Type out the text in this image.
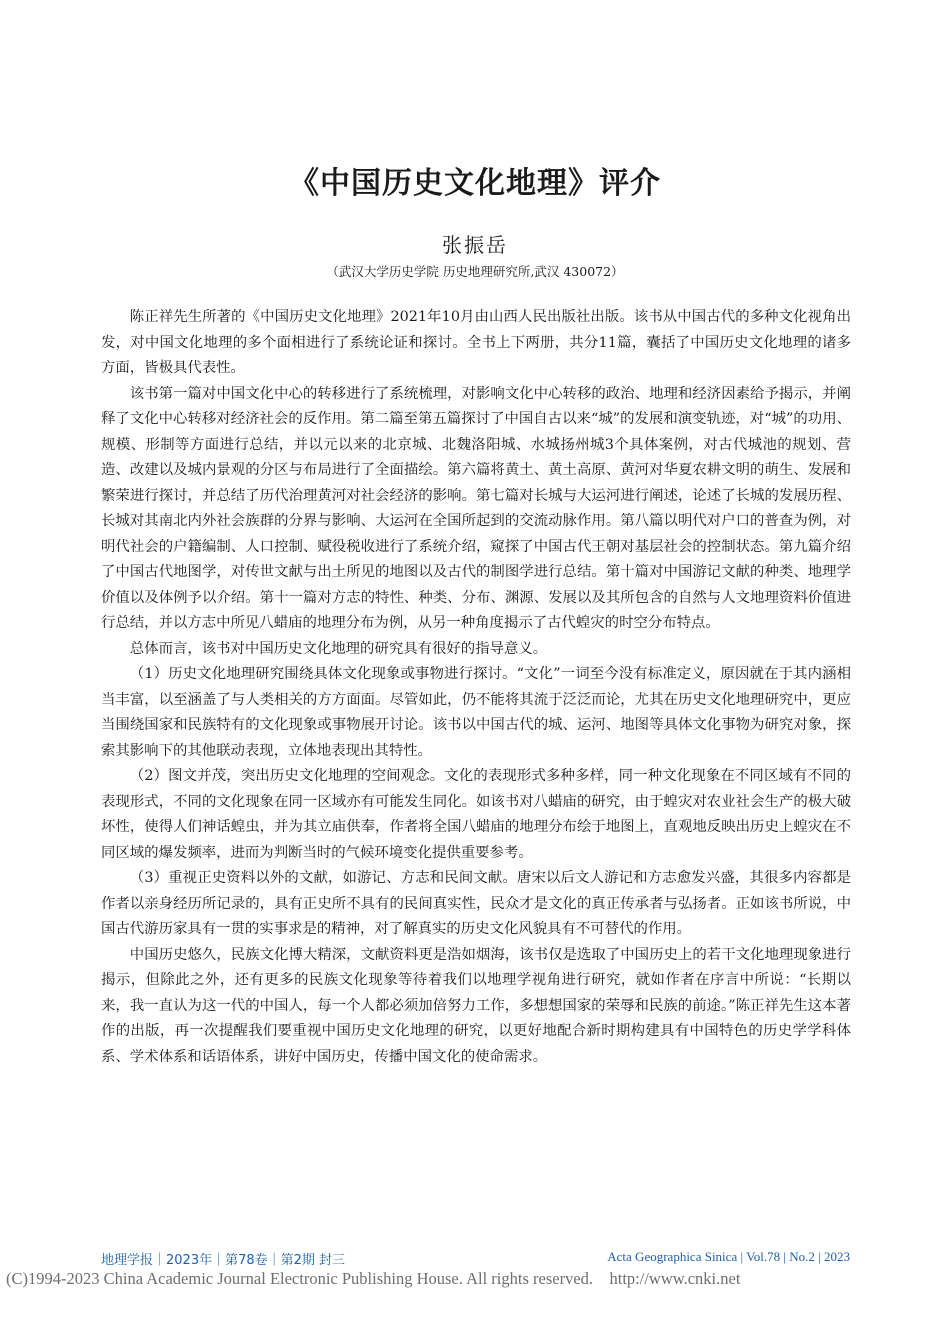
《中国历史文化地理》评介
张振岳
（武汉大学历史学院 历史地理研究所,武汉 430072）

陈正祥先生所著的《中国历史文化地理》2021年10月由山西人民出版社出版。该书从中国古代的多种文化视角出发，对中国文化地理的多个面相进行了系统论证和探讨。全书上下两册，共分11篇，囊括了中国历史文化地理的诸多方面，皆极具代表性。

该书第一篇对中国文化中心的转移进行了系统梳理，对影响文化中心转移的政治、地理和经济因素给予揭示，并阐释了文化中心转移对经济社会的反作用。第二篇至第五篇探讨了中国自古以来“城”的发展和演变轨迹，对“城”的功用、规模、形制等方面进行总结，并以元以来的北京城、北魏洛阳城、水城扬州城3个具体案例，对古代城池的规划、营造、改建以及城内景观的分区与布局进行了全面描绘。第六篇将黄土、黄土高原、黄河对华夏农耕文明的萌生、发展和繁荣进行探讨，并总结了历代治理黄河对社会经济的影响。第七篇对长城与大运河进行阐述，论述了长城的发展历程、长城对其南北内外社会族群的分界与影响、大运河在全国所起到的交流动脉作用。第八篇以明代对户口的普查为例，对明代社会的户籍编制、人口控制、赋役税收进行了系统介绍，窥探了中国古代王朝对基层社会的控制状态。第九篇介绍了中国古代地图学，对传世文献与出土所见的地图以及古代的制图学进行总结。第十篇对中国游记文献的种类、地理学价值以及体例予以介绍。第十一篇对方志的特性、种类、分布、渊源、发展以及其所包含的自然与人文地理资料价值进行总结，并以方志中所见八蜡庙的地理分布为例，从另一种角度揭示了古代蝗灾的时空分布特点。

总体而言，该书对中国历史文化地理的研究具有很好的指导意义。

（1）历史文化地理研究围绕具体文化现象或事物进行探讨。“文化”一词至今没有标准定义，原因就在于其内涵相当丰富，以至涵盖了与人类相关的方方面面。尽管如此，仍不能将其流于泛泛而论，尤其在历史文化地理研究中，更应当围绕国家和民族特有的文化现象或事物展开讨论。该书以中国古代的城、运河、地图等具体文化事物为研究对象，探索其影响下的其他联动表现，立体地表现出其特性。

（2）图文并茂，突出历史文化地理的空间观念。文化的表现形式多种多样，同一种文化现象在不同区域有不同的表现形式，不同的文化现象在同一区域亦有可能发生同化。如该书对八蜡庙的研究，由于蝗灾对农业社会生产的极大破坏性，使得人们神话蝗虫，并为其立庙供奉，作者将全国八蜡庙的地理分布绘于地图上，直观地反映出历史上蝗灾在不同区域的爆发频率，进而为判断当时的气候环境变化提供重要参考。

（3）重视正史资料以外的文献，如游记、方志和民间文献。唐宋以后文人游记和方志愈发兴盛，其很多内容都是作者以亲身经历所记录的，具有正史所不具有的民间真实性，民众才是文化的真正传承者与弘扬者。正如该书所说，中国古代游历家具有一贯的实事求是的精神，对了解真实的历史文化风貌具有不可替代的作用。

中国历史悠久，民族文化博大精深，文献资料更是浩如烟海，该书仅是选取了中国历史上的若干文化地理现象进行揭示，但除此之外，还有更多的民族文化现象等待着我们以地理学视角进行研究，就如作者在序言中所说：“长期以来，我一直认为这一代的中国人，每一个人都必须加倍努力工作，多想想国家的荣辱和民族的前途。”陈正祥先生这本著作的出版，再一次提醒我们要重视中国历史文化地理的研究，以更好地配合新时期构建具有中国特色的历史学学科体系、学术体系和话语体系，讲好中国历史，传播中国文化的使命需求。

地理学报｜2023年｜第78卷｜第2期 封三	Acta Geographica Sinica | Vol.78 | No.2 | 2023
(C)1994-2023 China Academic Journal Electronic Publishing House. All rights reserved.    http://www.cnki.net
